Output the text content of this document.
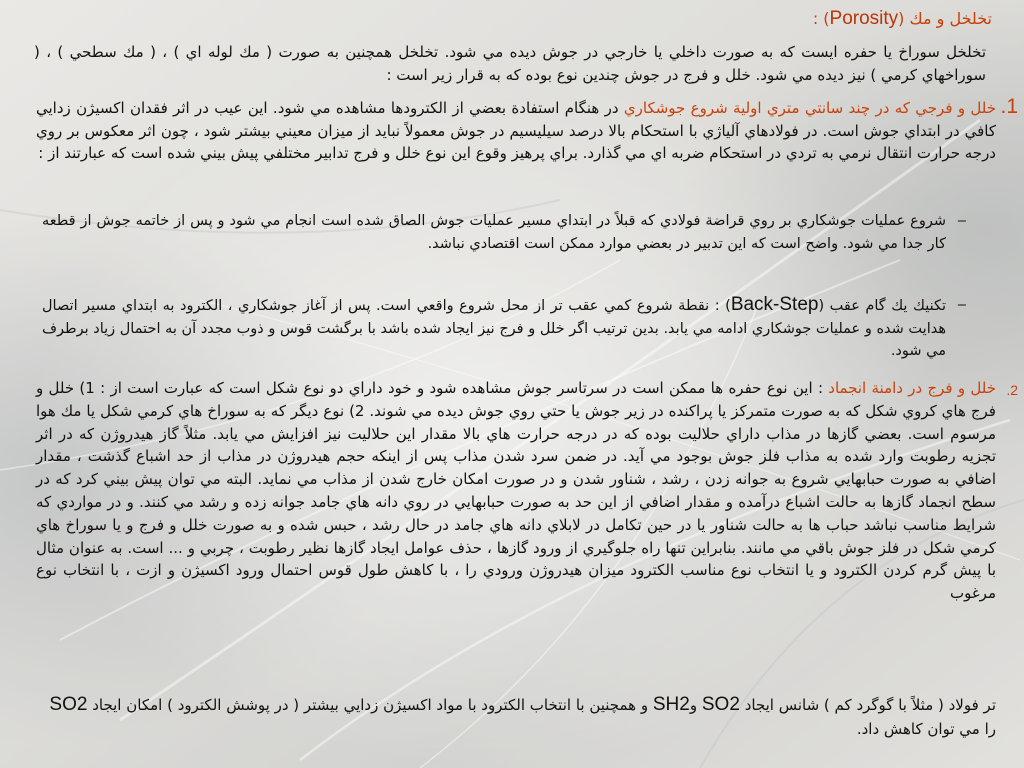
تخلخل و مك (Porosity) :
تخلخل سوراخ يا حفره ايست كه به صورت داخلي يا خارجي در جوش ديده مي شود. تخلخل همچنين به صورت ( مك لوله اي ) ، ( مك سطحي ) ، ( سوراخهاي كرمي ) نيز ديده مي شود. خلل و فرج در جوش چندين نوع بوده كه به قرار زير است :
1.
خلل و فرجي كه در چند سانتي متري اولية شروع جوشكاري در هنگام استفادة بعضي از الكترودها مشاهده مي شود. اين عيب در اثر فقدان اكسيژن زدايي كافي در ابتداي جوش است. در فولادهاي آلياژي با استحكام بالا درصد سيليسيم در جوش معمولاً نبايد از ميزان معيني بيشتر شود ، چون اثر معكوس بر روي درجه حرارت انتقال نرمي به تردي در استحكام ضربه اي مي گذارد. براي پرهيز وقوع اين نوع خلل و فرج تدابير مختلفي پيش بيني شده است كه عبارتند از :
–
شروع عمليات جوشكاري بر روي قراضة فولادي كه قبلاً در ابتداي مسير عمليات جوش الصاق شده است انجام مي شود و پس از خاتمه جوش از قطعه كار جدا مي شود. واضح است كه اين تدبير در بعضي موارد ممكن است اقتصادي نباشد.
–
تكنيك يك گام عقب (Back-Step) : نقطة شروع كمي عقب تر از محل شروع واقعي است. پس از آغاز جوشكاري ، الكترود به ابتداي مسير اتصال هدايت شده و عمليات جوشكاري ادامه مي يابد. بدين ترتيب اگر خلل و فرج نيز ايجاد شده باشد با برگشت قوس و ذوب مجدد آن به احتمال زياد برطرف مي شود.
2.
خلل و فرج در دامنة انجماد : اين نوع حفره ها ممكن است در سرتاسر جوش مشاهده شود و خود داراي دو نوع شكل است كه عبارت است از : 1) خلل و فرج هاي كروي شكل كه به صورت متمركز يا پراكنده در زير جوش يا حتي روي جوش ديده مي شوند. 2) نوع ديگر كه به سوراخ هاي كرمي شكل يا مك هوا مرسوم است. بعضي گازها در مذاب داراي حلاليت بوده كه در درجه حرارت هاي بالا مقدار اين حلاليت نيز افزايش مي يابد. مثلاً گاز هيدروژن كه در اثر تجزيه رطوبت وارد شده به مذاب فلز جوش بوجود مي آيد. در ضمن سرد شدن مذاب پس از اينكه حجم هيدروژن در مذاب از حد اشباع گذشت ، مقدار اضافي به صورت حبابهايي شروع به جوانه زدن ، رشد ، شناور شدن و در صورت امكان خارج شدن از مذاب مي نمايد. البته مي توان پيش بيني كرد كه در سطح انجماد گازها به حالت اشباع درآمده و مقدار اضافي از اين حد به صورت حبابهايي در روي دانه هاي جامد جوانه زده و رشد مي كنند. و در مواردي كه شرايط مناسب نباشد حباب ها به حالت شناور يا در حين تكامل در لابلاي دانه هاي جامد در حال رشد ، حبس شده و به صورت خلل و فرج و يا سوراخ هاي كرمي شكل در فلز جوش باقي مي مانند. بنابراين تنها راه جلوگيري از ورود گازها ، حذف عوامل ايجاد گازها نظير رطوبت ، چربي و ... است. به عنوان مثال با پيش گرم كردن الكترود و يا انتخاب نوع مناسب الكترود ميزان هيدروژن ورودي را ، با كاهش طول قوس احتمال ورود اكسيژن و ازت ، با انتخاب نوع مرغوب
تر فولاد ( مثلاً با گوگرد كم ) شانس ايجاد SO2 وSH2 و همچنين با انتخاب الكترود با مواد اكسيژن زدايي بيشتر ( در پوشش الكترود ) امكان ايجاد SO2 را مي توان كاهش داد.
